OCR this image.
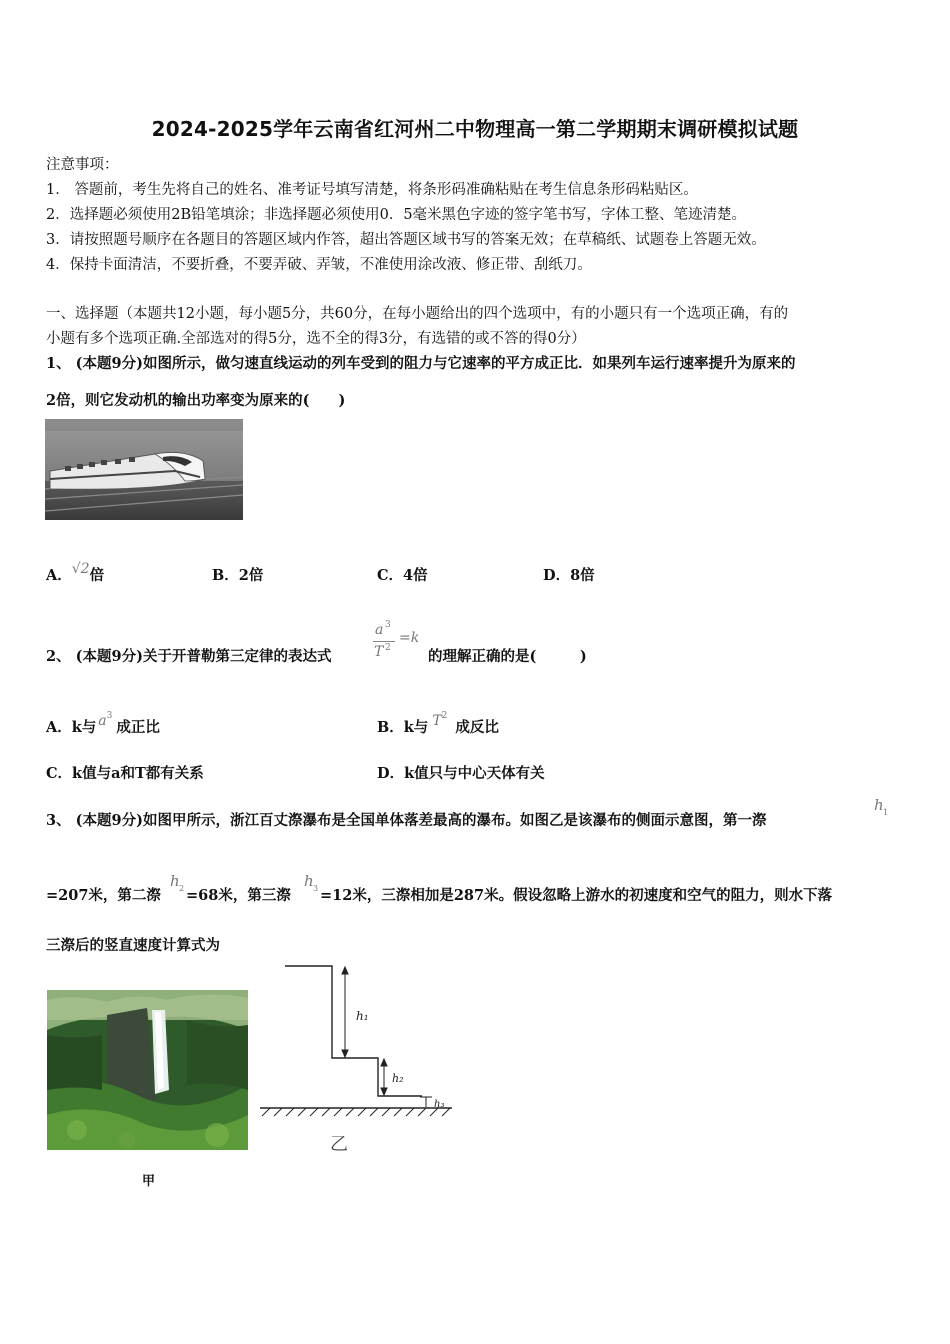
2024-2025学年云南省红河州二中物理高一第二学期期末调研模拟试题
注意事项：
1． 答题前，考生先将自己的姓名、准考证号填写清楚，将条形码准确粘贴在考生信息条形码粘贴区。
2．选择题必须使用2B铅笔填涂；非选择题必须使用0．5毫米黑色字迹的签字笔书写，字体工整、笔迹清楚。
3．请按照题号顺序在各题目的答题区域内作答，超出答题区域书写的答案无效；在草稿纸、试题卷上答题无效。
4．保持卡面清洁，不要折叠，不要弄破、弄皱，不准使用涂改液、修正带、刮纸刀。
一、选择题（本题共12小题，每小题5分，共60分，在每小题给出的四个选项中，有的小题只有一个选项正确，有的
小题有多个选项正确.全部选对的得5分，选不全的得3分，有选错的或不答的得0分）
1、 (本题9分)如图所示，做匀速直线运动的列车受到的阻力与它速率的平方成正比．如果列车运行速率提升为原来的
2倍，则它发动机的输出功率变为原来的(　　)
A．√2倍	B．2倍	C．4倍	D．8倍
2、 (本题9分)关于开普勒第三定律的表达式
a 3
T 2
=k
的理解正确的是(　　　)
A．k与 $a^3$成正比	B．k与 $T^2$成反比
C．k值与a和T都有关系	D．k值只与中心天体有关
3、 (本题9分)如图甲所示，浙江百丈漈瀑布是全国单体落差最高的瀑布。如图乙是该瀑布的侧面示意图，第一漈
h 1
=207米，第二漈
h 2 =68米，第三漈
h 3 =12米，三漈相加是287米。假设忽略上游水的初速度和空气的阻力，则水下落
三漈后的竖直速度计算式为
甲
h₁
h₂
h₃
乙
